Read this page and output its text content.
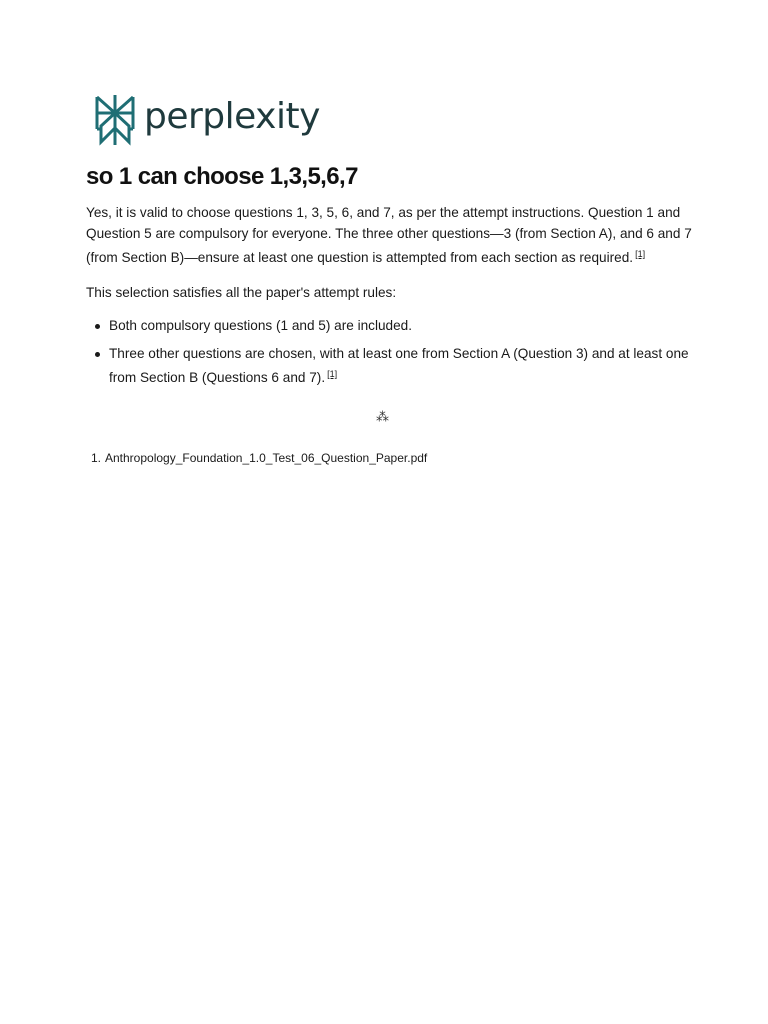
perplexity
so 1 can choose 1,3,5,6,7

Yes, it is valid to choose questions 1, 3, 5, 6, and 7, as per the attempt instructions. Question 1 and Question 5 are compulsory for everyone. The three other questions—3 (from Section A), and 6 and 7 (from Section B)—ensure at least one question is attempted from each section as required. [1]

This selection satisfies all the paper's attempt rules:

Both compulsory questions (1 and 5) are included.
Three other questions are chosen, with at least one from Section A (Question 3) and at least one from Section B (Questions 6 and 7). [1]
⁂
1. Anthropology_Foundation_1.0_Test_06_Question_Paper.pdf
